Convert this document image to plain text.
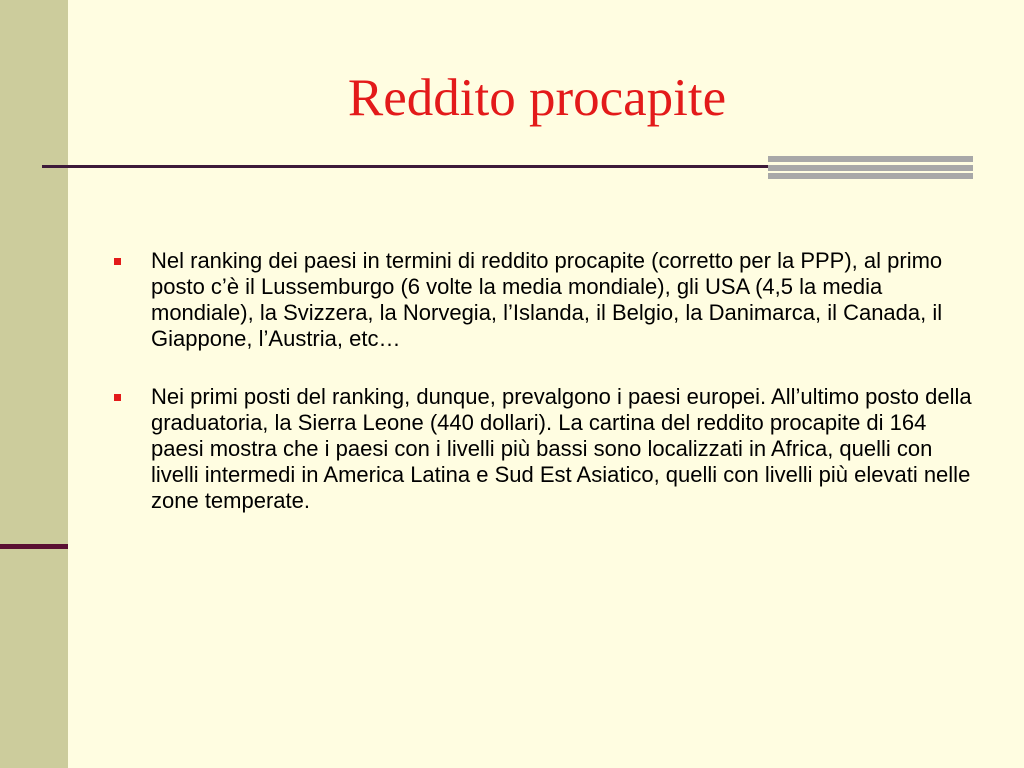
Reddito procapite
Nel ranking dei paesi in termini di reddito procapite (corretto per la PPP), al primo posto c’è il Lussemburgo (6 volte la media mondiale), gli USA (4,5 la media mondiale), la Svizzera, la Norvegia, l’Islanda, il Belgio, la Danimarca, il Canada, il Giappone, l’Austria, etc…
Nei primi posti del ranking, dunque, prevalgono i paesi europei. All’ultimo posto della graduatoria, la Sierra Leone (440 dollari). La cartina del reddito procapite di 164 paesi mostra che i paesi con i livelli più bassi sono localizzati in Africa, quelli con livelli intermedi in America Latina e Sud Est Asiatico, quelli con livelli più elevati nelle zone temperate.
